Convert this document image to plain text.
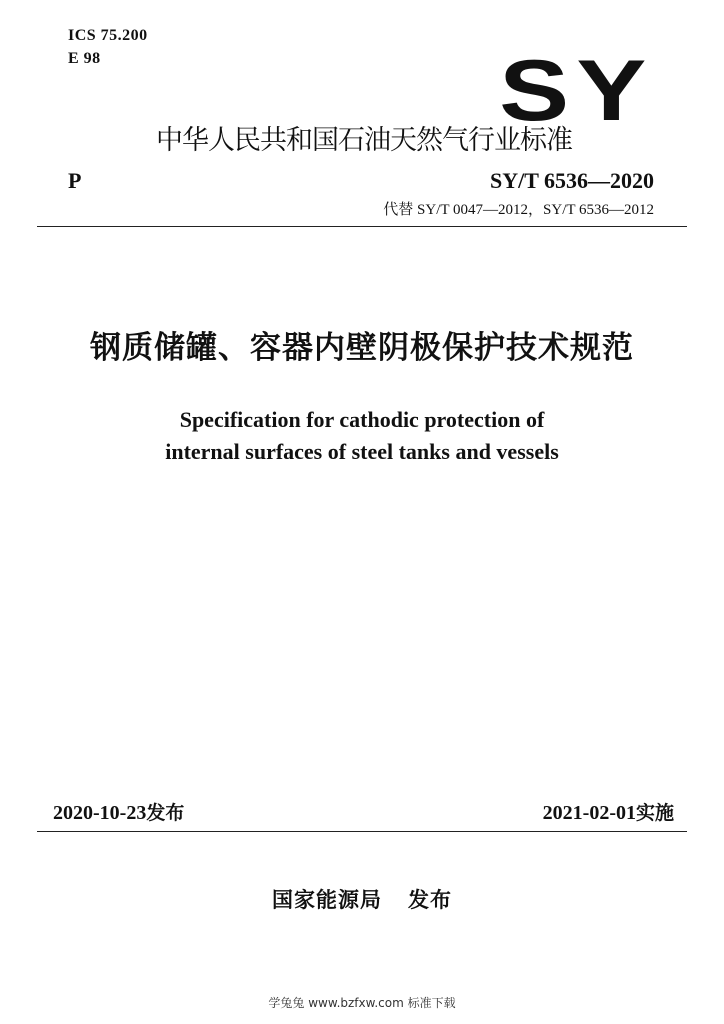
ICS 75.200
E 98	SY
中华人民共和国石油天然气行业标准
P	SY/T 6536—2020
代替 SY/T 0047—2012，SY/T 6536—2012
钢质储罐、容器内壁阴极保护技术规范
Specification for cathodic protection of
internal surfaces of steel tanks and vessels
2020-10-23发布	2021-02-01实施
国家能源局 发布
学兔兔 www.bzfxw.com 标准下载
